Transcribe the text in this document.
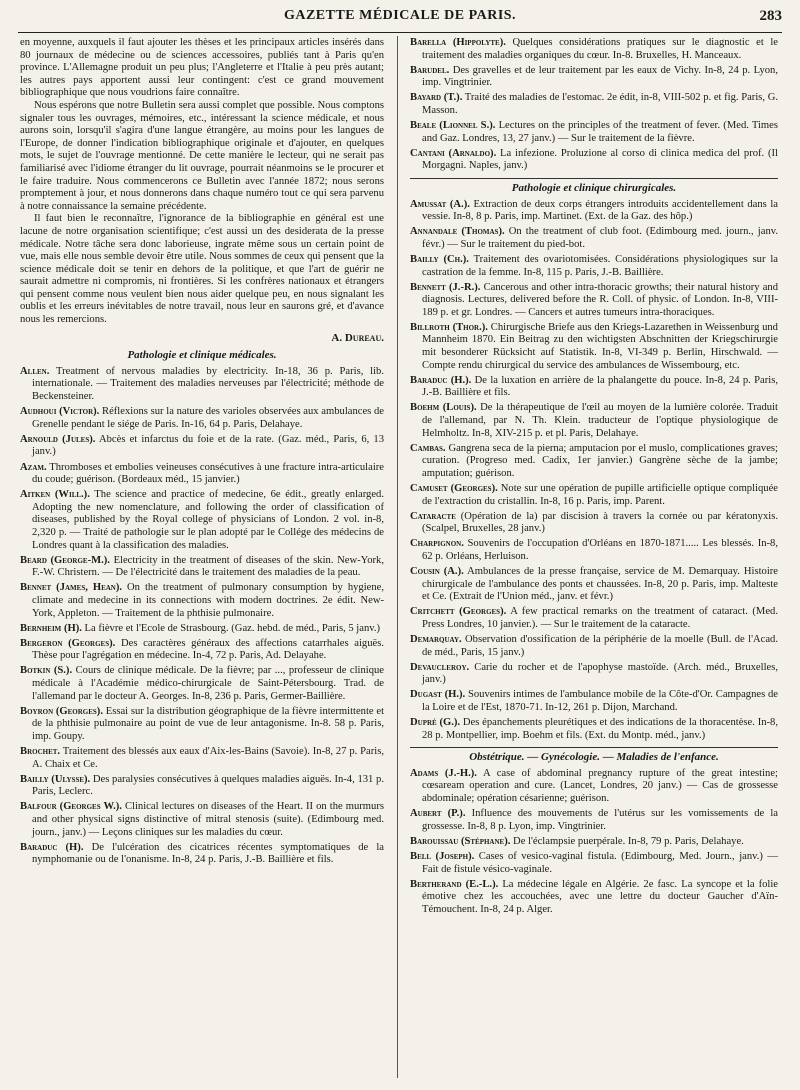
GAZETTE MÉDICALE DE PARIS.	283

en moyenne, auxquels il faut ajouter les thèses et les principaux articles insérés dans 80 journaux de médecine ou de sciences accessoires, publiés tant à Paris qu'en province. L'Allemagne produit un peu plus; l'Angleterre et l'Italie à peu près autant; les autres pays apportent aussi leur contingent: c'est ce grand mouvement bibliographique que nous voudrions faire connaître.

Nous espérons que notre Bulletin sera aussi complet que possible. Nous comptons signaler tous les ouvrages, mémoires, etc., intéressant la science médicale, et nous aurons soin, lorsqu'il s'agira d'une langue étrangère, au moins pour les langues de l'Europe, de donner l'indication bibliographique originale et d'ajouter, en quelques mots, le sujet de l'ouvrage mentionné. De cette manière le lecteur, qui ne serait pas familiarisé avec l'idiome étranger du lit ouvrage, pourrait néanmoins se le procurer et le faire traduire. Nous commencerons ce Bulletin avec l'année 1872; nous serons promptement à jour, et nous donnerons dans chaque numéro tout ce qui sera parvenu à notre connaissance la semaine précédente.

Il faut bien le reconnaître, l'ignorance de la bibliographie en général est une lacune de notre organisation scientifique; c'est aussi un des desiderata de la presse médicale. Notre tâche sera donc laborieuse, ingrate même sous un certain point de vue, mais elle nous semble devoir être utile. Nous sommes de ceux qui pensent que la science médicale doit se tenir en dehors de la politique, et que l'art de guérir ne saurait admettre ni compromis, ni frontières. Si les confrères nationaux et étrangers qui pensent comme nous veulent bien nous aider quelque peu, en nous signalant les oublis et les erreurs inévitables de notre travail, nous leur en saurons gré, et d'avance nous les remercions.

A. Dureau.
Pathologie et clinique médicales.

Allen. Treatment of nervous maladies by electricity. In-18, 36 p. Paris, lib. internationale. — Traitement des maladies nerveuses par l'électricité; méthode de Beckensteiner.

Audhoui (Victor). Réflexions sur la nature des varioles observées aux ambulances de Grenelle pendant le siége de Paris. In-16, 64 p. Paris, Delahaye.

Arnould (Jules). Abcès et infarctus du foie et de la rate. (Gaz. méd., Paris, 6, 13 janv.)

Azam. Thromboses et embolies veineuses consécutives à une fracture intra-articulaire du coude; guérison. (Bordeaux méd., 15 janvier.)

Aitken (Will.). The science and practice of medecine, 6e édit., greatly enlarged. Adopting the new nomenclature, and following the order of classification of diseases, published by the Royal college of physicians of London. 2 vol. in-8, 2,320 p. — Traité de pathologie sur le plan adopté par le Collége des médecins de Londres quant à la classification des maladies.

Beard (George-M.). Electricity in the treatment of diseases of the skin. New-York, F.-W. Christern. — De l'électricité dans le traitement des maladies de la peau.

Bennet (James, Hean). On the treatment of pulmonary consumption by hygiene, climate and medecine in its connections with modern doctrines. 2e édit. New-York, Appleton. — Traitement de la phthisie pulmonaire.

Bernheim (H). La fièvre et l'Ecole de Strasbourg. (Gaz. hebd. de méd., Paris, 5 janv.)

Bergeron (Georges). Des caractères généraux des affections catarrhales aiguës. Thèse pour l'agrégation en médecine. In-4, 72 p. Paris, Ad. Delayahe.

Botkin (S.). Cours de clinique médicale. De la fièvre; par ..., professeur de clinique médicale à l'Académie médico-chirurgicale de Saint-Pétersbourg. Trad. de l'allemand par le docteur A. Georges. In-8, 236 p. Paris, Germer-Baillière.

Boyron (Georges). Essai sur la distribution géographique de la fièvre intermittente et de la phthisie pulmonaire au point de vue de leur antagonisme. In-8. 58 p. Paris, imp. Goupy.

Brochet. Traitement des blessés aux eaux d'Aix-les-Bains (Savoie). In-8, 27 p. Paris, A. Chaix et Ce.

Bailly (Ulysse). Des paralysies consécutives à quelques maladies aiguës. In-4, 131 p. Paris, Leclerc.

Balfour (Georges W.). Clinical lectures on diseases of the Heart. II on the murmurs and other physical signs distinctive of mitral stenosis (suite). (Edimbourg med. journ., janv.) — Leçons cliniques sur les maladies du cœur.

Baraduc (H). De l'ulcération des cicatrices récentes symptomatiques de la nymphomanie ou de l'onanisme. In-8, 24 p. Paris, J.-B. Baillière et fils.

Barella (Hippolyte). Quelques considérations pratiques sur le diagnostic et le traitement des maladies organiques du cœur. In-8. Bruxelles, H. Manceaux.

Barudel. Des gravelles et de leur traitement par les eaux de Vichy. In-8, 24 p. Lyon, imp. Vingtrinier.

Bayard (T.). Traité des maladies de l'estomac. 2e édit, in-8, VIII-502 p. et fig. Paris, G. Masson.

Beale (Lionnel S.). Lectures on the principles of the treatment of fever. (Med. Times and Gaz. Londres, 13, 27 janv.) — Sur le traitement de la fièvre.

Cantani (Arnaldo). La infezione. Proluzione al corso di clinica medica del prof. (Il Morgagni. Naples, janv.)

Pathologie et clinique chirurgicales.

Amussat (A.). Extraction de deux corps étrangers introduits accidentellement dans la vessie. In-8, 8 p. Paris, imp. Martinet. (Ext. de la Gaz. des hôp.)

Annandale (Thomas). On the treatment of club foot. (Edimbourg med. journ., janv. févr.) — Sur le traitement du pied-bot.

Bailly (Ch.). Traitement des ovariotomisées. Considérations physiologiques sur la castration de la femme. In-8, 115 p. Paris, J.-B. Baillière.

Bennett (J.-R.). Cancerous and other intra-thoracic growths; their natural history and diagnosis. Lectures, delivered before the R. Coll. of physic. of London. In-8, VIII-189 p. et gr. Londres. — Cancers et autres tumeurs intra-thoraciques.

Billroth (Thor.). Chirurgische Briefe aus den Kriegs-Lazarethen in Weissenburg und Mannheim 1870. Ein Beitrag zu den wichtigsten Abschnitten der Kriegschirurgie mit besonderer Rücksicht auf Statistik. In-8, VI-349 p. Berlin, Hirschwald. — Compte rendu chirurgical du service des ambulances de Wissembourg, etc.

Baraduc (H.). De la luxation en arrière de la phalangette du pouce. In-8, 24 p. Paris, J.-B. Baillière et fils.

Boehm (Louis). De la thérapeutique de l'œil au moyen de la lumière colorée. Traduit de l'allemand, par N. Th. Klein. traducteur de l'optique physiologique de Helmholtz. In-8, XIV-215 p. et pl. Paris, Delahaye.

Cambas. Gangrena seca de la pierna; amputacion por el muslo, complicationes graves; curation. (Progreso med. Cadix, 1er janvier.) Gangrène sèche de la jambe; amputation; guérison.

Camuset (Georges). Note sur une opération de pupille artificielle optique compliquée de l'extraction du cristallin. In-8, 16 p. Paris, imp. Parent.

Cataracte (Opération de la) par discision à travers la cornée ou par kératonyxis. (Scalpel, Bruxelles, 28 janv.)

Charpignon. Souvenirs de l'occupation d'Orléans en 1870-1871..... Les blessés. In-8, 62 p. Orléans, Herluison.

Cousin (A.). Ambulances de la presse française, service de M. Demarquay. Histoire chirurgicale de l'ambulance des ponts et chaussées. In-8, 20 p. Paris, imp. Malteste et Ce. (Extrait de l'Union méd., janv. et févr.)

Critchett (Georges). A few practical remarks on the treatment of cataract. (Med. Press Londres, 10 janvier.). — Sur le traitement de la cataracte.

Demarquay. Observation d'ossification de la périphérie de la moelle (Bull. de l'Acad. de méd., Paris, 15 janv.)

Devaucleroy. Carie du rocher et de l'apophyse mastoïde. (Arch. méd., Bruxelles, janv.)

Dugast (H.). Souvenirs intimes de l'ambulance mobile de la Côte-d'Or. Campagnes de la Loire et de l'Est, 1870-71. In-12, 261 p. Dijon, Marchand.

Dupré (G.). Des épanchements pleurétiques et des indications de la thoracentèse. In-8, 28 p. Montpellier, imp. Boehm et fils. (Ext. du Montp. méd., janv.)

Obstétrique. — Gynécologie. — Maladies de l'enfance.

Adams (J.-H.). A case of abdominal pregnancy rupture of the great intestine; cœsaream operation and cure. (Lancet, Londres, 20 janv.) — Cas de grossesse abdominale; opération césarienne; guérison.

Aubert (P.). Influence des mouvements de l'utérus sur les vomissements de la grossesse. In-8, 8 p. Lyon, imp. Vingtrinier.

Barouissau (Stéphane). De l'éclampsie puerpérale. In-8, 79 p. Paris, Delahaye.

Bell (Joseph). Cases of vesico-vaginal fistula. (Edimbourg, Med. Journ., janv.) — Fait de fistule vésico-vaginale.

Bertherand (E.-L.). La médecine légale en Algérie. 2e fasc. La syncope et la folie émotive chez les accouchées, avec une lettre du docteur Gaucher d'Aïn-Témouchent. In-8, 24 p. Alger.
